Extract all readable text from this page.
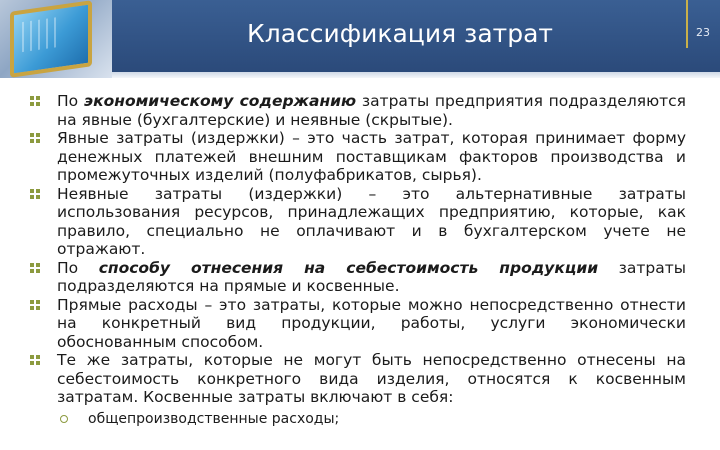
Классификация затрат	23
По экономическому содержанию затраты предприятия подразделяются на явные (бухгалтерские) и неявные (скрытые).
Явные затраты (издержки) – это часть затрат, которая принимает форму денежных платежей внешним поставщикам факторов производства и промежуточных изделий (полуфабрикатов, сырья).
Неявные затраты (издержки) – это альтернативные затраты использования ресурсов, принадлежащих предприятию, которые, как правило, специально не оплачивают и в бухгалтерском учете не отражают.
По способу отнесения на себестоимость продукции затраты подразделяются на прямые и косвенные.
Прямые расходы – это затраты, которые можно непосредственно отнести на конкретный вид продукции, работы, услуги экономически обоснованным способом.
Те же затраты, которые не могут быть непосредственно отнесены на себестоимость конкретного вида изделия, относятся к косвенным затратам. Косвенные затраты включают в себя:
общепроизводственные расходы;
